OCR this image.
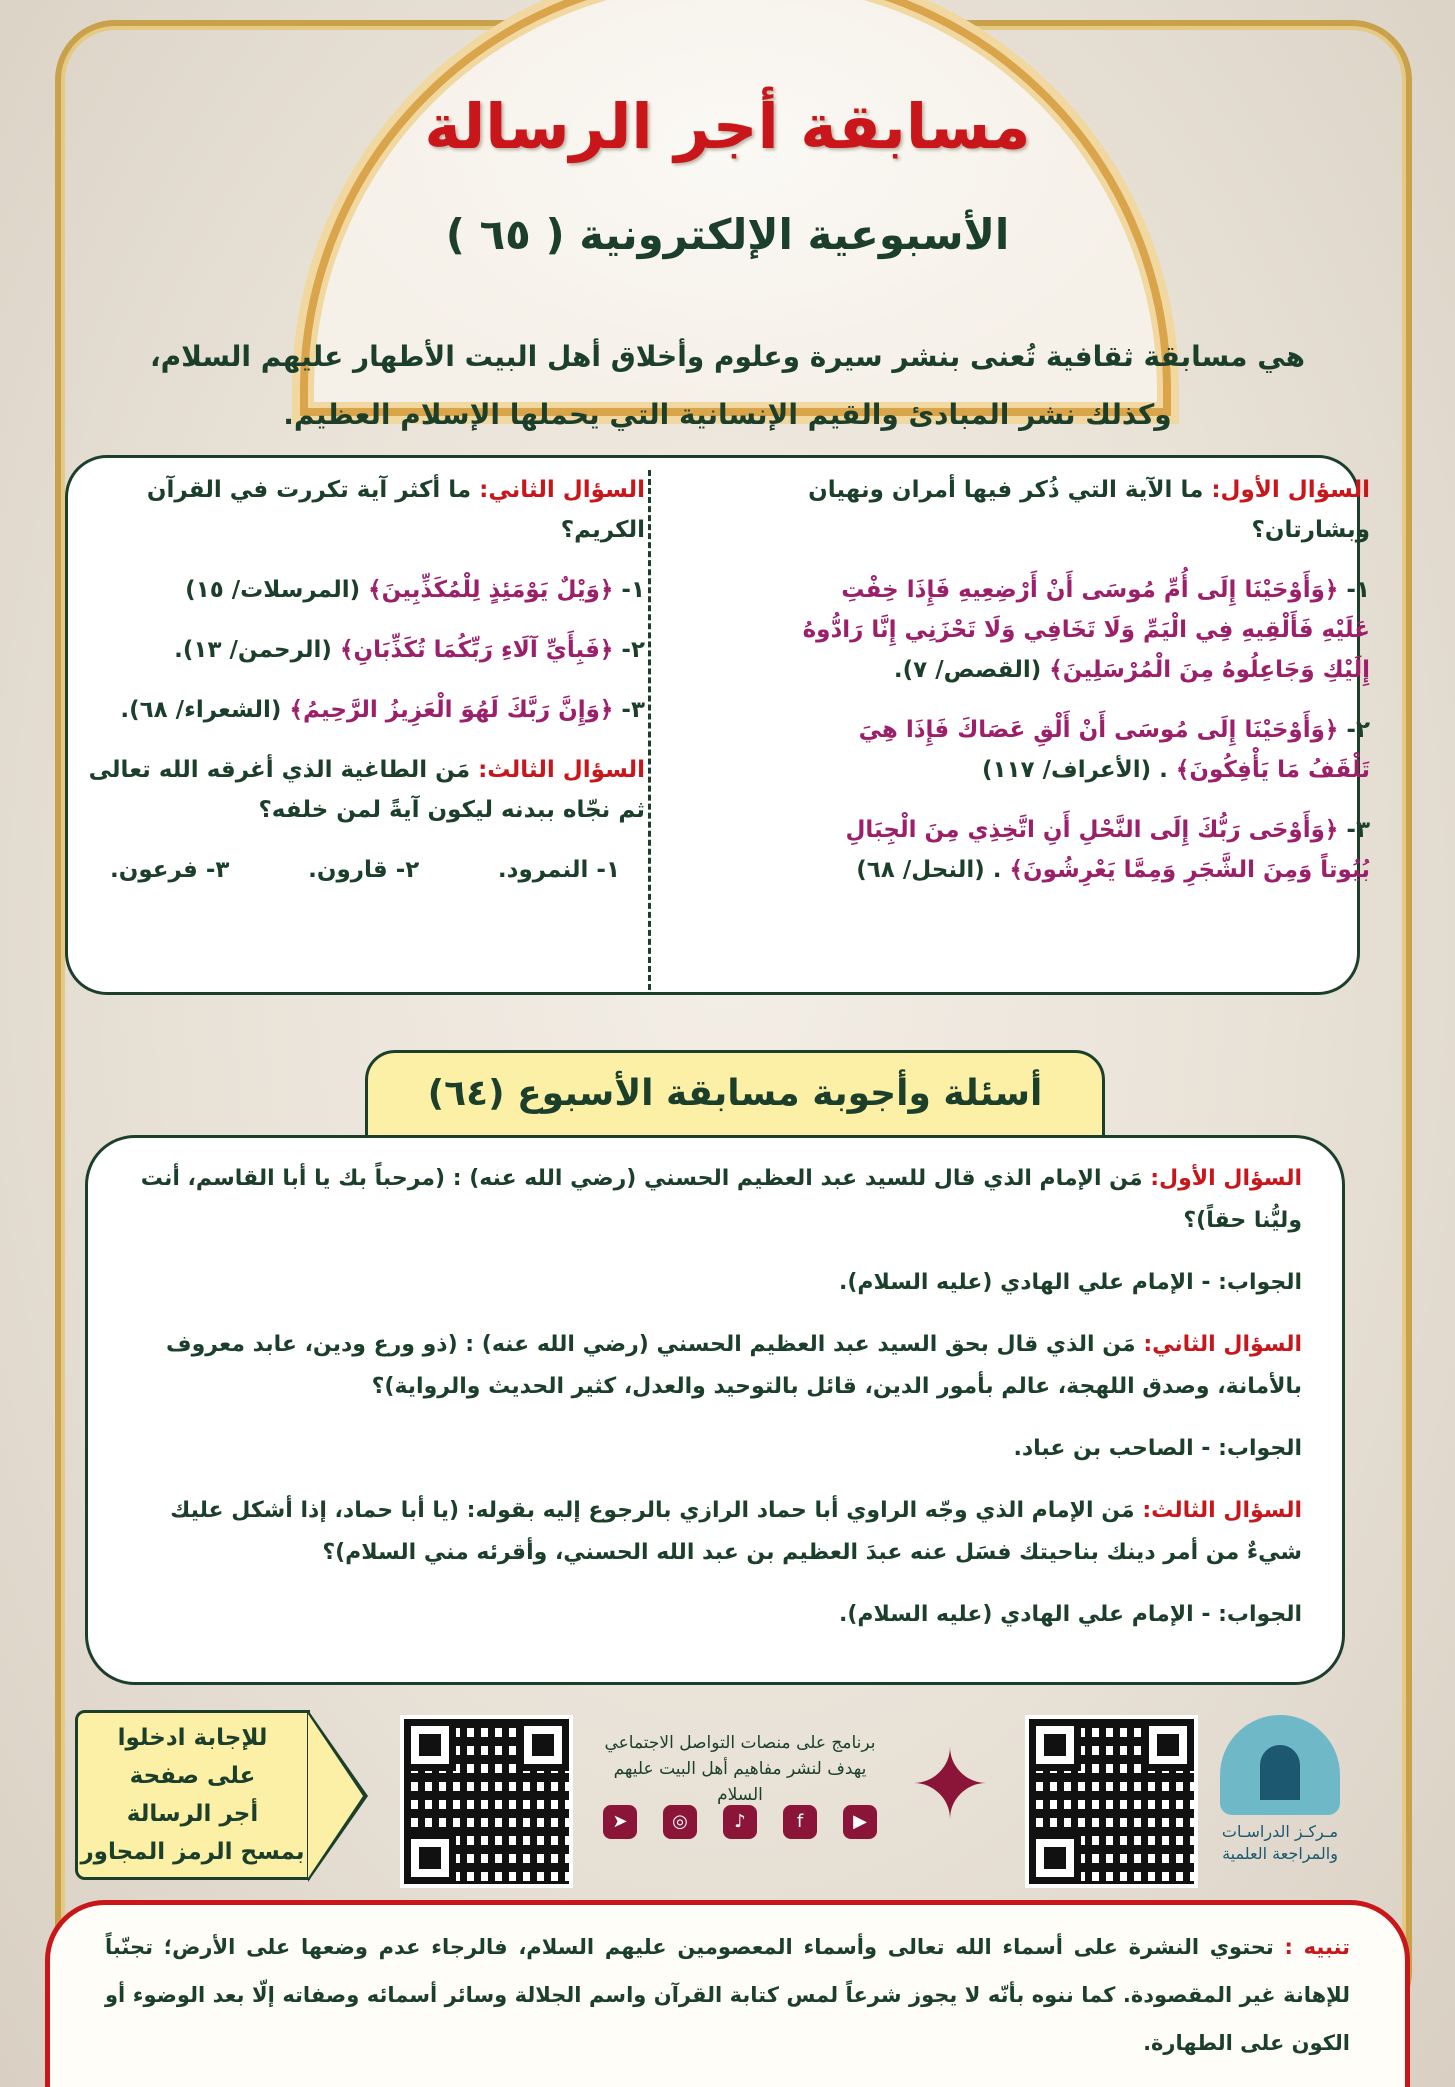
مسابقة أجر الرسالة
الأسبوعية الإلكترونية ( ٦٥ )
هي مسابقة ثقافية تُعنى بنشر سيرة وعلوم وأخلاق أهل البيت الأطهار عليهم السلام،
وكذلك نشر المبادئ والقيم الإنسانية التي يحملها الإسلام العظيم.

السؤال الأول: ما الآية التي ذُكر فيها أمران ونهيان وبشارتان؟

١- ﴿وَأَوْحَيْنَا إِلَى أُمِّ مُوسَى أَنْ أَرْضِعِيهِ فَإِذَا خِفْتِ عَلَيْهِ فَأَلْقِيهِ فِي الْيَمِّ وَلَا تَخَافِي وَلَا تَحْزَنِي إِنَّا رَادُّوهُ إِلَيْكِ وَجَاعِلُوهُ مِنَ الْمُرْسَلِينَ﴾ (القصص/ ٧).

٢- ﴿وَأَوْحَيْنَا إِلَى مُوسَى أَنْ أَلْقِ عَصَاكَ فَإِذَا هِيَ تَلْقَفُ مَا يَأْفِكُونَ﴾ . (الأعراف/ ١١٧)

٣- ﴿وَأَوْحَى رَبُّكَ إِلَى النَّحْلِ أَنِ اتَّخِذِي مِنَ الْجِبَالِ بُيُوتاً وَمِنَ الشَّجَرِ وَمِمَّا يَعْرِشُونَ﴾ . (النحل/ ٦٨)

السؤال الثاني: ما أكثر آية تكررت في القرآن الكريم؟

١- ﴿وَيْلٌ يَوْمَئِذٍ لِلْمُكَذِّبِينَ﴾ (المرسلات/ ١٥)

٢- ﴿فَبِأَيِّ آلَاءِ رَبِّكُمَا تُكَذِّبَانِ﴾ (الرحمن/ ١٣).

٣- ﴿وَإِنَّ رَبَّكَ لَهُوَ الْعَزِيزُ الرَّحِيمُ﴾ (الشعراء/ ٦٨).

السؤال الثالث: مَن الطاغية الذي أغرقه الله تعالى ثم نجّاه ببدنه ليكون آيةً لمن خلفه؟

١- النمرود.
٢- قارون.
٣- فرعون.
أسئلة وأجوبة مسابقة الأسبوع (٦٤)

السؤال الأول: مَن الإمام الذي قال للسيد عبد العظيم الحسني (رضي الله عنه) : (مرحباً بك يا أبا القاسم، أنت وليُّنا حقاً)؟

الجواب: - الإمام علي الهادي (عليه السلام).

السؤال الثاني: مَن الذي قال بحق السيد عبد العظيم الحسني (رضي الله عنه) : (ذو ورع ودين، عابد معروف بالأمانة، وصدق اللهجة، عالم بأمور الدين، قائل بالتوحيد والعدل، كثير الحديث والرواية)؟

الجواب: - الصاحب بن عباد.

السؤال الثالث: مَن الإمام الذي وجّه الراوي أبا حماد الرازي بالرجوع إليه بقوله: (يا أبا حماد، إذا أشكل عليك شيءٌ من أمر دينك بناحيتك فسَل عنه عبدَ العظيم بن عبد الله الحسني، وأقرئه مني السلام)؟

الجواب: - الإمام علي الهادي (عليه السلام).

للإجابة ادخلوا
على صفحة
أجر الرسالة
بمسح الرمز المجاور
برنامج على منصات التواصل الاجتماعي
يهدف لنشر مفاهيم أهل البيت عليهم السلام
▶
f
♪
◎
➤	✦	مـركـز الدراسـات
والمراجعة العلمية
تنبيه : تحتوي النشرة على أسماء الله تعالى وأسماء المعصومين عليهم السلام، فالرجاء عدم وضعها على الأرض؛ تجنّباً للإهانة غير المقصودة. كما ننوه بأنّه لا يجوز شرعاً لمس كتابة القرآن واسم الجلالة وسائر أسمائه وصفاته إلّا بعد الوضوء أو الكون على الطهارة.
